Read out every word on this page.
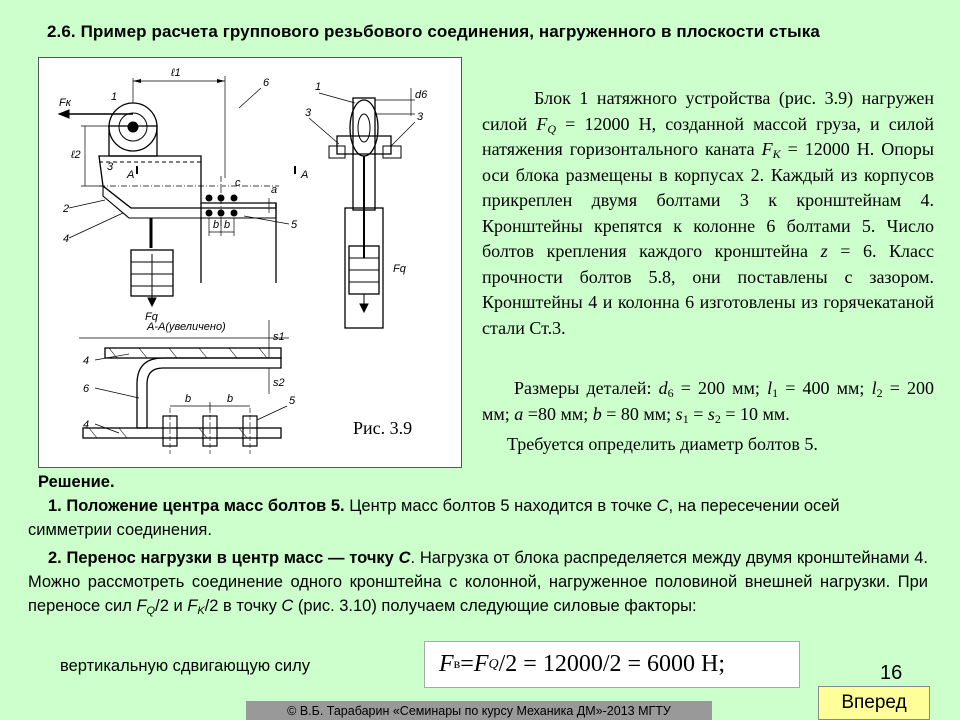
2.6. Пример расчета группового резьбового соединения, нагруженного в плоскости стыка
Fк
Fq
Fq
ℓ1
ℓ2
d6
1
2
3
4
5
6	1
3	3
A	A
a
c
b b
A-A(увеличено)
4
6
4
5
b	b
s1
s2
Рис. 3.9
Блок 1 натяжного устройства (рис. 3.9) нагружен силой $F_Q = 12000$ Н, созданной массой груза, и силой натяжения горизонтального каната $F_K = 12000$ Н. Опоры оси блока размещены в корпусах 2. Каждый из корпусов прикреплен двумя болтами 3 к кронштейнам 4. Кронштейны крепятся к колонне 6 болтами 5. Число болтов крепления каждого кронштейна z = 6. Класс прочности болтов 5.8, они поставлены с зазором. Кронштейны 4 и колонна 6 изготовлены из горячекатаной стали Ст.3.
Размеры деталей: $d_6 = 200$ мм; $l_1 = 400$ мм; $l_2 = 200$ мм; a =80 мм; b = 80 мм; $s_1 = s_2 = 10$ мм.
Требуется определить диаметр болтов 5.
Решение.
1. Положение центра масс болтов 5. Центр масс болтов 5 находится в точке C, на пересечении осей симметрии соединения.
2. Перенос нагрузки в центр масс — точку C. Нагрузка от блока распределяется между двумя кронштейнами 4. Можно рассмотреть соединение одного кронштейна с колонной, нагруженное половиной внешней нагрузки. При переносе сил $F_Q/2$ и $F_K/2$ в точку C (рис. 3.10) получаем следующие силовые факторы:
вертикальную сдвигающую силу	F в = F Q /2 = 12000/2 = 6000 Н;	16
Вперед
© В.Б. Тарабарин «Семинары по курсу Механика ДМ»-2013 МГТУ
